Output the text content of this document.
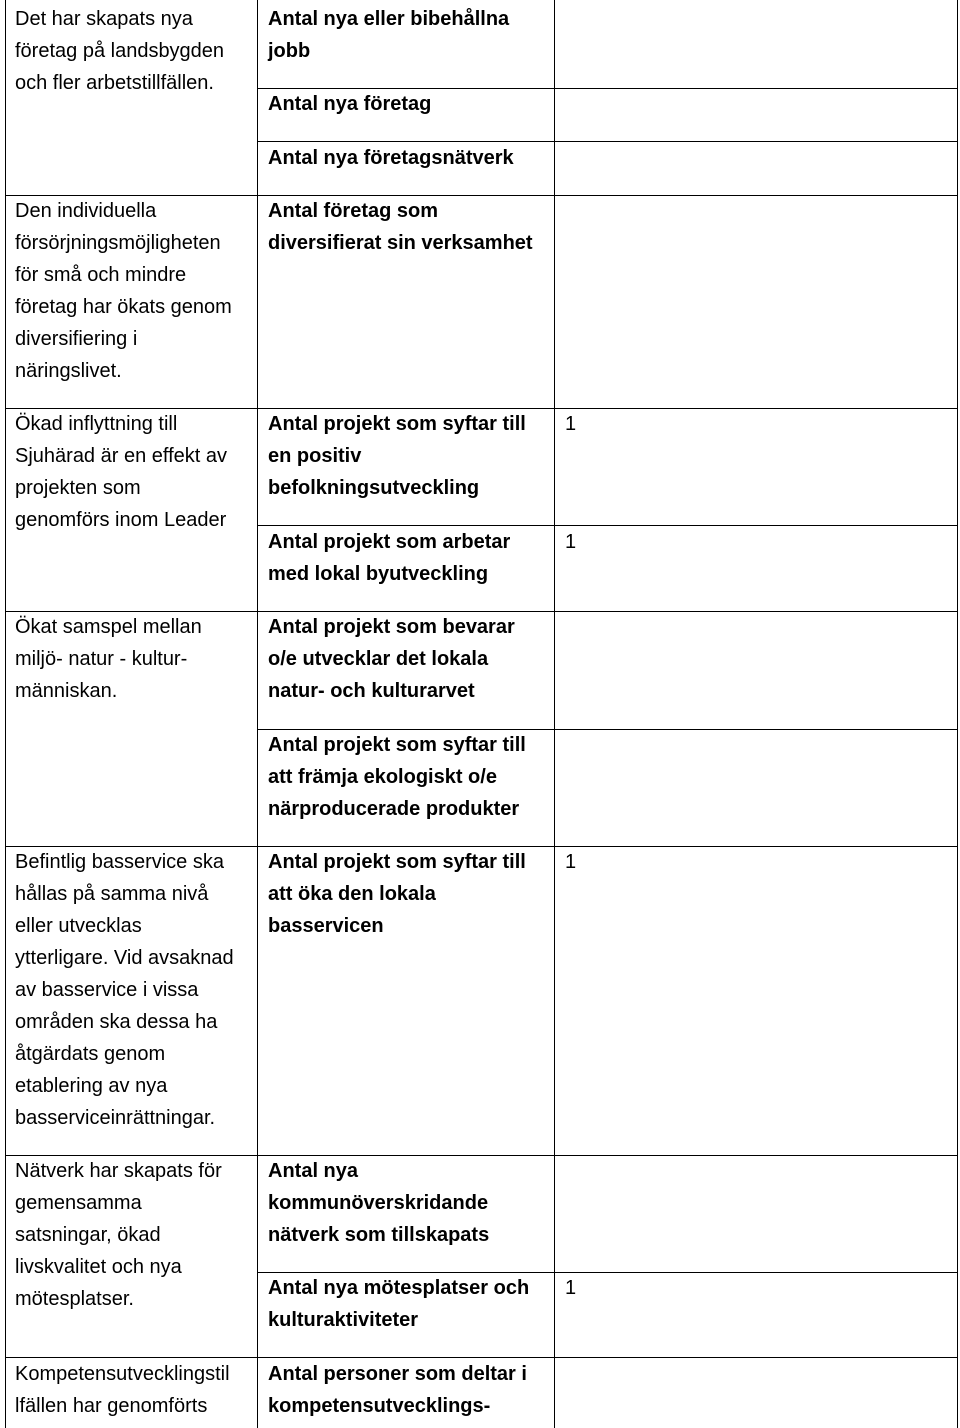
Det har skapats nya
företag på landsbygden
och fler arbetstillfällen.
Den individuella
försörjningsmöjligheten
för små och mindre
företag har ökats genom
diversifiering i
näringslivet.
Ökad inflyttning till
Sjuhärad är en effekt av
projekten som
genomförs inom Leader
Ökat samspel mellan
miljö- natur - kultur-
människan.
Befintlig basservice ska
hållas på samma nivå
eller utvecklas
ytterligare. Vid avsaknad
av basservice i vissa
områden ska dessa ha
åtgärdats genom
etablering av nya
basserviceinrättningar.
Nätverk har skapats för
gemensamma
satsningar, ökad
livskvalitet och nya
mötesplatser.
Kompetensutvecklingstil
lfällen har genomförts
Antal nya eller bibehållna
jobb
Antal nya företag
Antal nya företagsnätverk
Antal företag som
diversifierat sin verksamhet
Antal projekt som syftar till
en positiv
befolkningsutveckling
Antal projekt som arbetar
med lokal byutveckling
Antal projekt som bevarar
o/e utvecklar det lokala
natur- och kulturarvet
Antal projekt som syftar till
att främja ekologiskt o/e
närproducerade produkter
Antal projekt som syftar till
att öka den lokala
basservicen
Antal nya
kommunöverskridande
nätverk som tillskapats
Antal nya mötesplatser och
kulturaktiviteter
Antal personer som deltar i
kompetensutvecklings-
1
1
1
1
